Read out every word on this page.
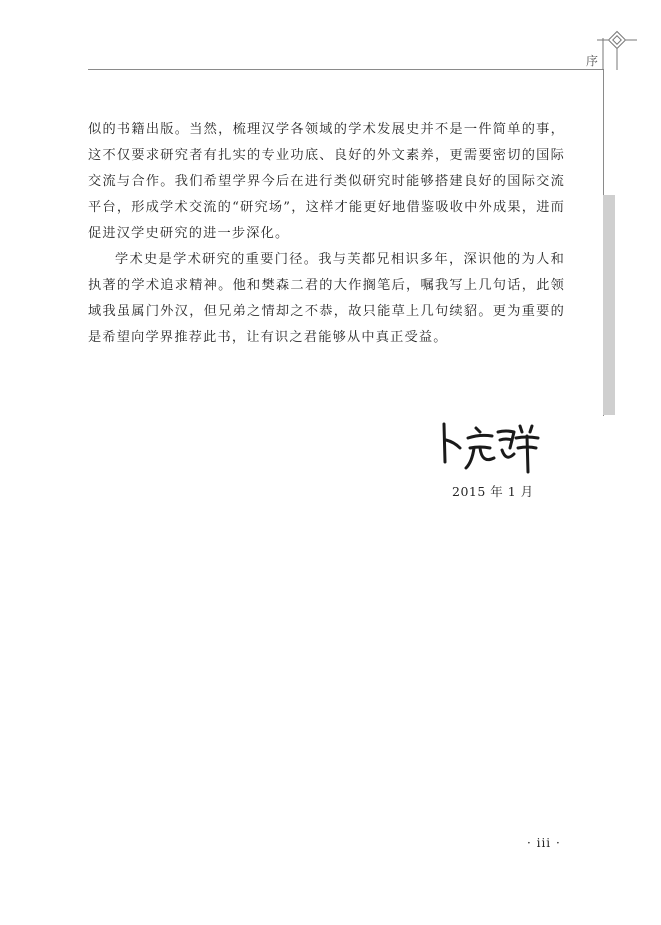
序

似的书籍出版。当然，梳理汉学各领域的学术发展史并不是一件简单的事，这不仅要求研究者有扎实的专业功底、良好的外文素养，更需要密切的国际交流与合作。我们希望学界今后在进行类似研究时能够搭建良好的国际交流平台，形成学术交流的“研究场”，这样才能更好地借鉴吸收中外成果，进而促进汉学史研究的进一步深化。

学术史是学术研究的重要门径。我与芙都兄相识多年，深识他的为人和执著的学术追求精神。他和樊森二君的大作搁笔后，嘱我写上几句话，此领域我虽属门外汉，但兄弟之情却之不恭，故只能草上几句续貂。更为重要的是希望向学界推荐此书，让有识之君能够从中真正受益。

2015 年 1 月
· iii ·
